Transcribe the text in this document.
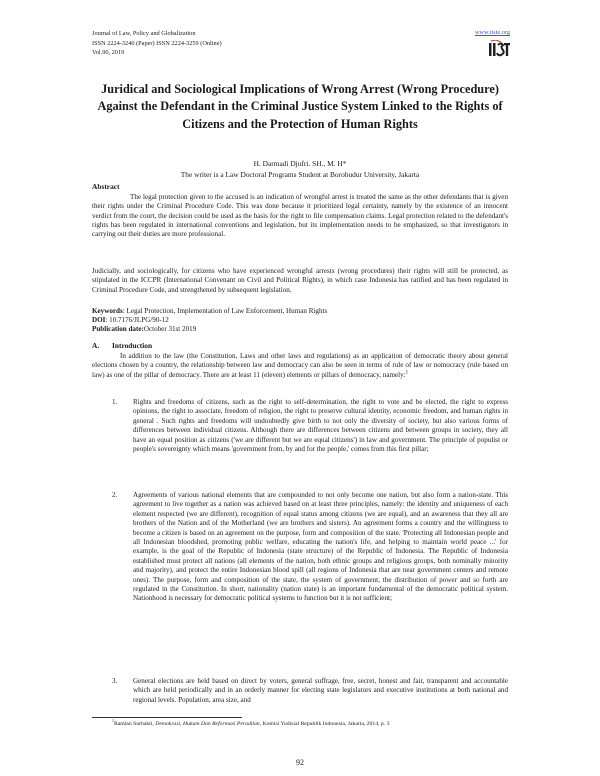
Journal of Law, Policy and Globalization
ISSN 2224-3240 (Paper) ISSN 2224-3259 (Online)
Vol.90, 2019
www.iiste.org
Juridical and Sociological Implications of Wrong Arrest (Wrong Procedure) Against the Defendant in the Criminal Justice System Linked to the Rights of Citizens and the Protection of Human Rights
H. Darmadi Djufri. SH., M. H*
The writer is a Law Doctoral Programs Student at Borobudur University, Jakarta
Abstract

The legal protection given to the accused is an indication of wrongful arrest is treated the same as the other defendants that is given their rights under the Criminal Procedure Code. This was done because it prioritized legal certainty, namely by the existence of an innocent verdict from the court, the decision could be used as the basis for the right to file compensation claims. Legal protection related to the defendant's rights has been regulated in international conventions and legislation, but its implementation needs to be emphasized, so that investigators in carrying out their duties are more professional.

Judicially, and sociologically, for citizens who have experienced wrongful arrests (wrong procedures) their rights will still be protected, as stipulated in the ICCPR (International Convenant on Civil and Political Rights), in which case Indonesia has ratified and has been regulated in Criminal Procedure Code, and strengthened by subsequent legislation.

Keywords: Legal Protection, Implementation of Law Enforcement, Human Rights
DOI: 10.7176/JLPG/90-12
Publication date:October 31st 2019
A. Introduction

In addition to the law (the Constitution, Laws and other laws and regulations) as an application of democratic theory about general elections chosen by a country, the relationship between law and democracy can also be seen in terms of rule of law or nomocracy (rule based on law) as one of the pillar of democracy. There are at least 11 (eleven) elements or pillars of democracy, namely:$^1$

1. Rights and freedoms of citizens, such as the right to self-determination, the right to vote and be elected, the right to express opinions, the right to associate, freedom of religion, the right to preserve cultural identity, economic freedom, and human rights in general . Such rights and freedoms will undoubtedly give birth to not only the diversity of society, but also various forms of differences between individual citizens. Although there are differences between citizens and between groups in society, they all have an equal position as citizens ('we are different but we are equal citizens') in law and government. The principle of populist or people's sovereignty which means 'government from, by and for the people,' comes from this first pillar;
2. Agreements of various national elements that are compounded to not only become one nation, but also form a nation-state. This agreement to live together as a nation was achieved based on at least three principles, namely: the identity and uniqueness of each element respected (we are different), recognition of equal status among citizens (we are equal), and an awareness that they all are brothers of the Nation and of the Motherland (we are brothers and sisters). An agreement forms a country and the willingness to become a citizen is based on an agreement on the purpose, form and composition of the state. 'Protecting all Indonesian people and all Indonesian bloodshed, promoting public welfare, educating the nation's life, and helping to maintain world peace ...' for example, is the goal of the Republic of Indonesia (state structure) of the Republic of Indonesia. The Republic of Indonesia established must protect all nations (all elements of the nation, both ethnic groups and religious groups, both nominally minority and majority), and protect the entire Indonesian blood spill (all regions of Indonesia that are near government centers and remote ones). The purpose, form and composition of the state, the system of government, the distribution of power and so forth are regulated in the Constitution. In short, nationality (nation state) is an important fundamental of the democratic political system. Nationhood is necessary for democratic political systems to function but it is not sufficient;
3. General elections are held based on direct by voters, general suffrage, free, secret, honest and fair, transparent and accountable which are held periodically and in an orderly manner for electing state legislators and executive institutions at both national and regional levels. Population, area size, and
$^1$Ramlan Surbakti, Demokrasi, Hukum Dan Reformasi Peradilan, Komisi Yudisial Republik Indonesia, Jakarta, 2014, p. 3
92
